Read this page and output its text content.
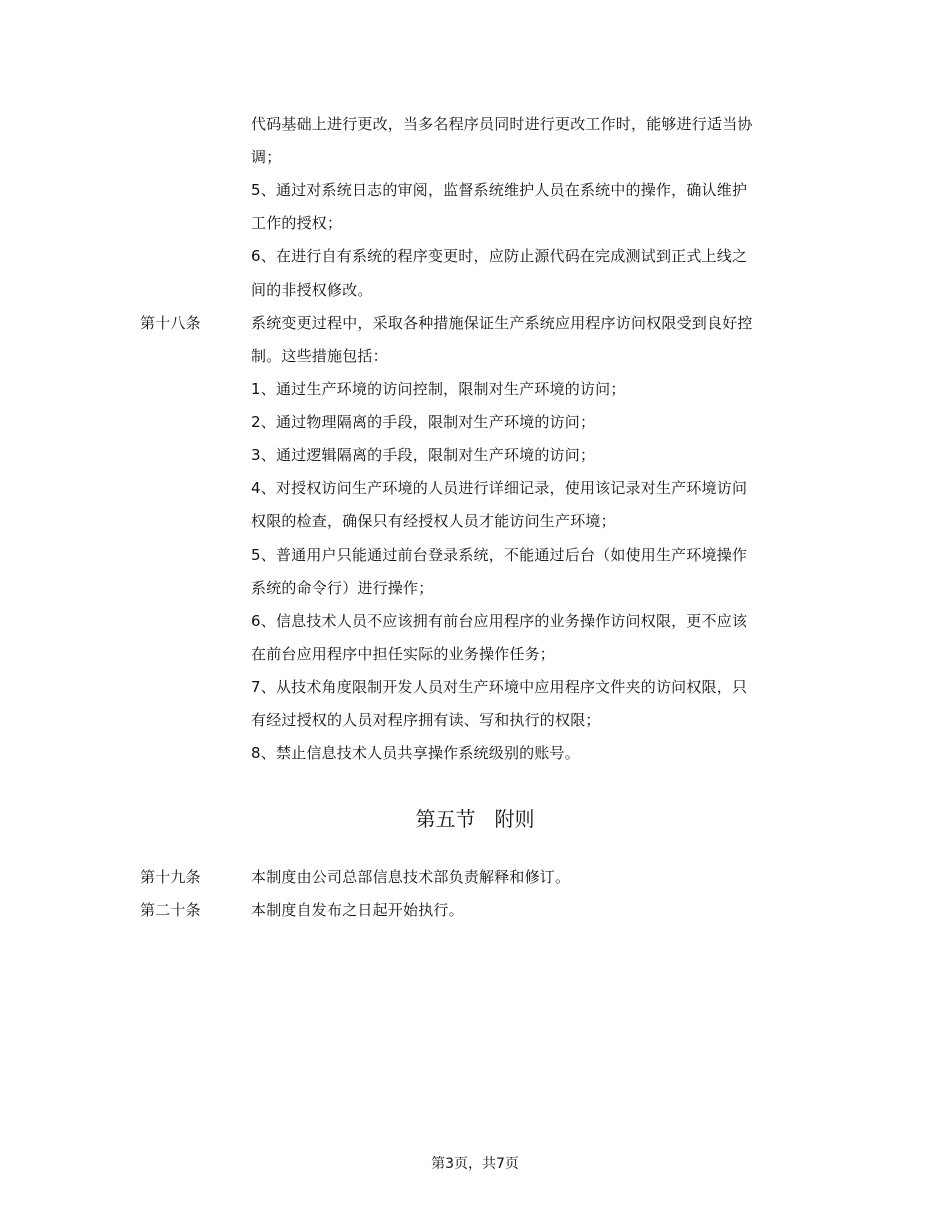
代码基础上进行更改，当多名程序员同时进行更改工作时，能够进行适当协
调；
5、通过对系统日志的审阅，监督系统维护人员在系统中的操作，确认维护
工作的授权；
6、在进行自有系统的程序变更时，应防止源代码在完成测试到正式上线之
间的非授权修改。
第十八条	系统变更过程中，采取各种措施保证生产系统应用程序访问权限受到良好控
制。这些措施包括：
1、通过生产环境的访问控制，限制对生产环境的访问；
2、通过物理隔离的手段，限制对生产环境的访问；
3、通过逻辑隔离的手段，限制对生产环境的访问；
4、对授权访问生产环境的人员进行详细记录，使用该记录对生产环境访问
权限的检查，确保只有经授权人员才能访问生产环境；
5、普通用户只能通过前台登录系统，不能通过后台（如使用生产环境操作
系统的命令行）进行操作；
6、信息技术人员不应该拥有前台应用程序的业务操作访问权限，更不应该
在前台应用程序中担任实际的业务操作任务；
7、从技术角度限制开发人员对生产环境中应用程序文件夹的访问权限，只
有经过授权的人员对程序拥有读、写和执行的权限；
8、禁止信息技术人员共享操作系统级别的账号。
第五节   附则
第十九条	本制度由公司总部信息技术部负责解释和修订。
第二十条	本制度自发布之日起开始执行。
第3页，共7页
